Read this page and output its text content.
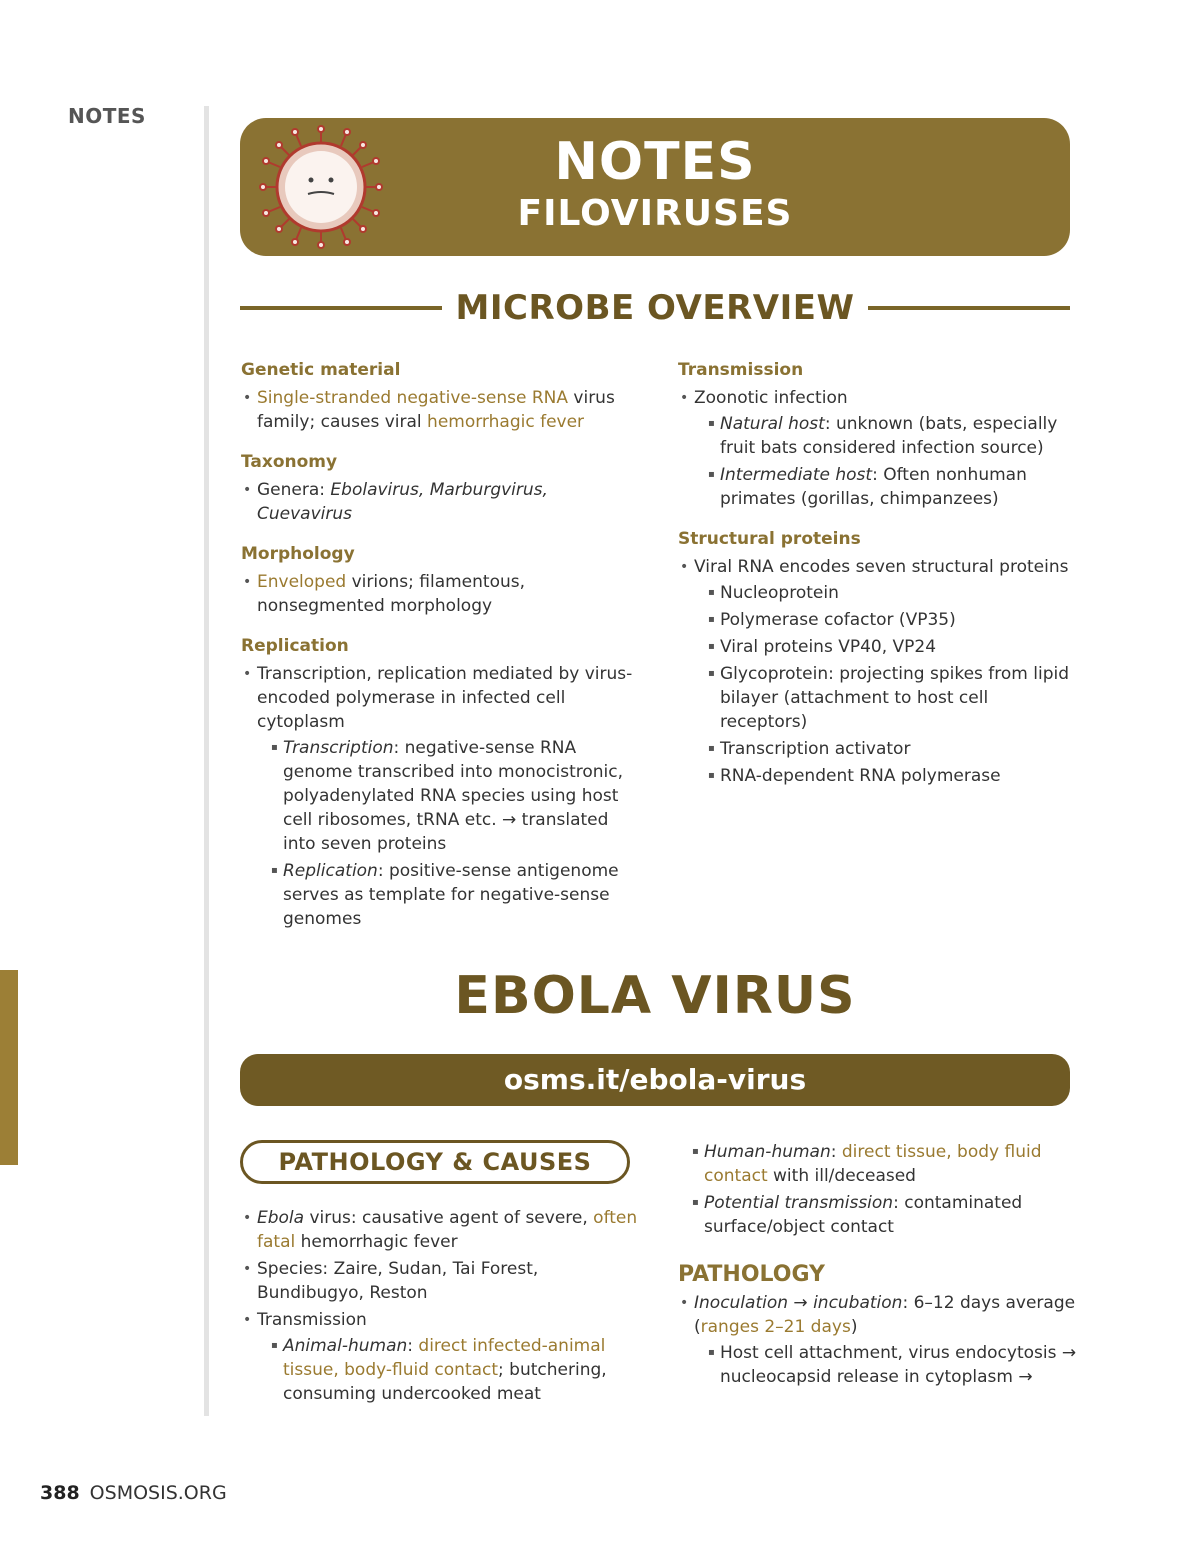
NOTES
NOTES
FILOVIRUSES
MICROBE OVERVIEW
Genetic material
• Single-stranded negative-sense RNA virus family; causes viral hemorrhagic fever
Taxonomy
• Genera: Ebolavirus, Marburgvirus, Cuevavirus
Morphology
• Enveloped virions; filamentous, nonsegmented morphology
Replication
• Transcription, replication mediated by virus-encoded polymerase in infected cell cytoplasm
▪ Transcription: negative-sense RNA genome transcribed into monocistronic, polyadenylated RNA species using host cell ribosomes, tRNA etc. → translated into seven proteins
▪ Replication: positive-sense antigenome serves as template for negative-sense genomes
Transmission
• Zoonotic infection
▪ Natural host: unknown (bats, especially fruit bats considered infection source)
▪ Intermediate host: Often nonhuman primates (gorillas, chimpanzees)
Structural proteins
• Viral RNA encodes seven structural proteins
▪ Nucleoprotein
▪ Polymerase cofactor (VP35)
▪ Viral proteins VP40, VP24
▪ Glycoprotein: projecting spikes from lipid bilayer (attachment to host cell receptors)
▪ Transcription activator
▪ RNA-dependent RNA polymerase
EBOLA VIRUS
osms.it/ebola-virus
PATHOLOGY & CAUSES
• Ebola virus: causative agent of severe, often fatal hemorrhagic fever
• Species: Zaire, Sudan, Tai Forest, Bundibugyo, Reston
• Transmission
▪ Animal-human: direct infected-animal tissue, body-fluid contact; butchering, consuming undercooked meat
▪ Human-human: direct tissue, body fluid contact with ill/deceased
▪ Potential transmission: contaminated surface/object contact
PATHOLOGY
• Inoculation → incubation: 6–12 days average (ranges 2–21 days)
▪ Host cell attachment, virus endocytosis → nucleocapsid release in cytoplasm →
388 OSMOSIS.ORG
